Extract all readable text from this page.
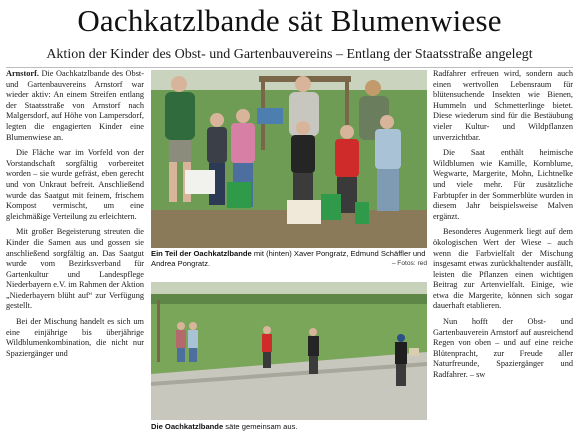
Oachkatzlbande sät Blumenwiese
Aktion der Kinder des Obst- und Gartenbauvereins – Entlang der Staatsstraße angelegt

Arnstorf. Die Oachkatzlbande des Obst- und Gartenbauvereins Arnstorf war wieder aktiv: An einem Streifen entlang der Staatsstraße von Arnstorf nach Malgersdorf, auf Höhe von Lampersdorf, legten die engagierten Kinder eine Blumenwiese an.

Die Fläche war im Vorfeld von der Vorstandschaft sorgfältig vorbereitet worden – sie wurde gefräst, eben gerecht und von Unkraut befreit. Anschließend wurde das Saatgut mit feinem, frischem Kompost vermischt, um eine gleichmäßige Verteilung zu erleichtern.

Mit großer Begeisterung streuten die Kinder die Samen aus und gossen sie anschließend sorgfältig an. Das Saatgut wurde vom Bezirksverband für Gartenkultur und Landespflege Niederbayern e.V. im Rahmen der Aktion „Niederbayern blüht auf“ zur Verfügung gestellt.

Bei der Mischung handelt es sich um eine einjährige bis überjährige Wildblumenkombination, die nicht nur Spaziergänger und

Ein Teil der Oachkatzlbande mit (hinten) Xaver Pongratz, Edmund Schäffler und Andrea Pongratz.	– Fotos: red
Die Oachkatzlbande säte gemeinsam aus.

Radfahrer erfreuen wird, sondern auch einen wertvollen Lebensraum für blütensuchende Insekten wie Bienen, Hummeln und Schmetterlinge bietet. Diese wiederum sind für die Bestäubung vieler Kultur- und Wildpflanzen unverzichtbar.

Die Saat enthält heimische Wildblumen wie Kamille, Kornblume, Wegwarte, Margerite, Mohn, Lichtnelke und viele mehr. Für zusätzliche Farbtupfer in der Sommerblüte wurden in diesem Jahr beispielsweise Malven ergänzt.

Besonderes Augenmerk liegt auf dem ökologischen Wert der Wiese – auch wenn die Farbvielfalt der Mischung insgesamt etwas zurückhaltender ausfällt, leisten die Pflanzen einen wichtigen Beitrag zur Artenvielfalt. Einige, wie etwa die Margerite, können sich sogar dauerhaft etablieren.

Nun hofft der Obst- und Gartenbauverein Arnstorf auf ausreichend Regen von oben – und auf eine reiche Blütenpracht, zur Freude aller Naturfreunde, Spaziergänger und Radfahrer. – sw
